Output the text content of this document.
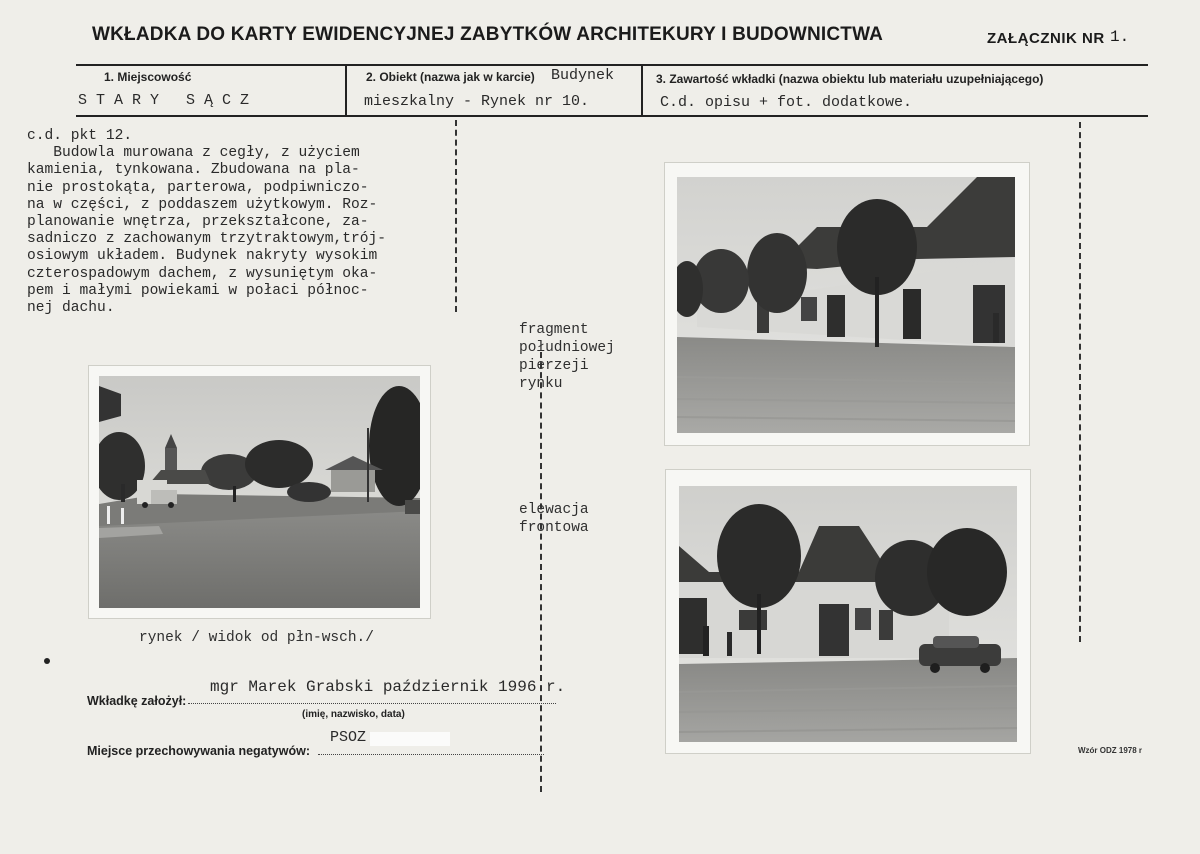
WKŁADKA DO KARTY EWIDENCYJNEJ ZABYTKÓW ARCHITEKURY I BUDOWNICTWA	ZAŁĄCZNIK NR 1.
1. Miejscowość
S T A R Y   S Ą C Z
2. Obiekt (nazwa jak w karcie) Budynek
mieszkalny - Rynek nr 10.
3. Zawartość wkładki (nazwa obiektu lub materiału uzupełniającego)
C.d. opisu + fot. dodatkowe.
c.d. pkt 12.
Budowla murowana z cegły, z użyciem
kamienia, tynkowana. Zbudowana na pla-
nie prostokąta, parterowa, podpiwniczo-
na w części, z poddaszem użytkowym. Roz-
planowanie wnętrza, przekształcone, za-
sadniczo z zachowanym trzytraktowym,trój-
osiowym układem. Budynek nakryty wysokim
czterospadowym dachem, z wysuniętym oka-
pem i małymi powiekami w połaci północ-
nej dachu.
rynek / widok od płn-wsch./
fragment
południowej
pierzeji
rynku
elewacja
frontowa
Wkładkę założył:
mgr Marek Grabski październik 1996 r.
(imię, nazwisko, data)
Miejsce przechowywania negatywów:
PSOZ
Wzór ODZ 1978 r
